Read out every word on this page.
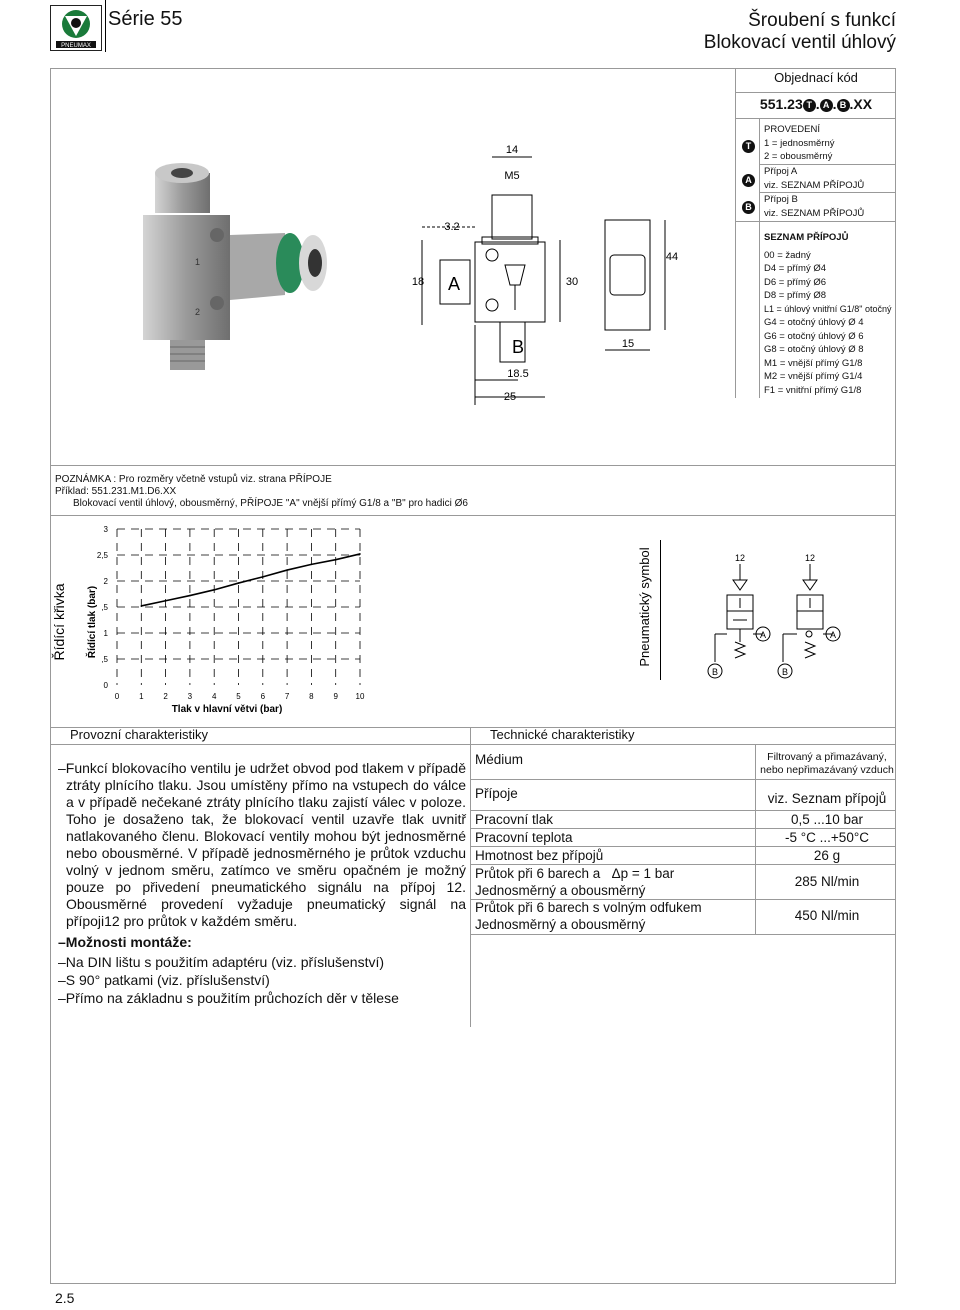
PNEUMAX
Série 55	Šroubení s funkcí
Blokovací ventil úhlový
Objednací kód
551.23 T . A . B .XX
T
PROVEDENÍ
1 = jednosměrný
2 = obousměrný
A
Přípoj A
viz. SEZNAM PŘÍPOJŮ
B
Přípoj B
viz. SEZNAM PŘÍPOJŮ
SEZNAM PŘÍPOJŮ
00 = žadný
D4 = přímý Ø4
D6 = přímý Ø6
D8 = přímý Ø8
L1 = úhlový vnitřní G1/8" otočný
G4 = otočný úhlový Ø 4
G6 = otočný úhlový Ø 6
G8 = otočný úhlový Ø 8
M1 = vnější přímý G1/8
M2 = vnější přímý G1/4
F1 = vnitřní přímý G1/8
1
2
14
M5
3.2
18 A	30
B
18.5
25
44
15
POZNÁMKA : Pro rozměry včetně vstupů viz. strana PŘÍPOJE
Příklad: 551.231.M1.D6.XX
Blokovací ventil úhlový, obousměrný, PŘÍPOJE "A" vnější přímý G1/8 a "B" pro hadici Ø6
Řídící křivka Řídící tlak (bar)
Tlak v hlavní větvi (bar)
0 1 2 3 4 5 6 7 8 9 10
0
,5
1
,5
2
2,5
3
Pneumatický symbol	12	12
A	A
B	B
Provozní charakteristiky
–Funkcí blokovacího ventilu je udržet obvod pod tlakem v případě ztráty plnícího tlaku. Jsou umístěny přímo na vstupech do válce a v případě nečekané ztráty plnícího tlaku zajistí válec v poloze. Toho je dosaženo tak, že blokovací ventil uzavře tlak uvnitř natlakovaného členu. Blokovací ventily mohou být jednosměrné nebo obousměrné. V případě jednosměrného je průtok vzduchu volný v jednom směru, zatímco ve směru opačném je možný pouze po přivedení pneumatického signálu na přípoj 12. Obousměrné provedení vyžaduje pneumatický signál na přípoji12 pro průtok v každém směru.
–Možnosti montáže:
–Na DIN lištu s použitím adaptéru (viz. příslušenství)
–S 90° patkami (viz. příslušenství)
–Přímo na základnu s použitím průchozích děr v tělese
Technické charakteristiky
Médium	Filtrovaný a přimazávaný, nebo nepřimazávaný vzduch
Přípoje	viz. Seznam přípojů
Pracovní tlak	0,5 ...10 bar
Pracovní teplota	-5 °C ...+50°C
Hmotnost bez přípojů	26 g
Průtok při 6 barech a   Δp = 1 bar
Jednosměrný a obousměrný
285 Nl/min
Průtok při 6 barech s volným odfukem
Jednosměrný a obousměrný
450 Nl/min
2.5
